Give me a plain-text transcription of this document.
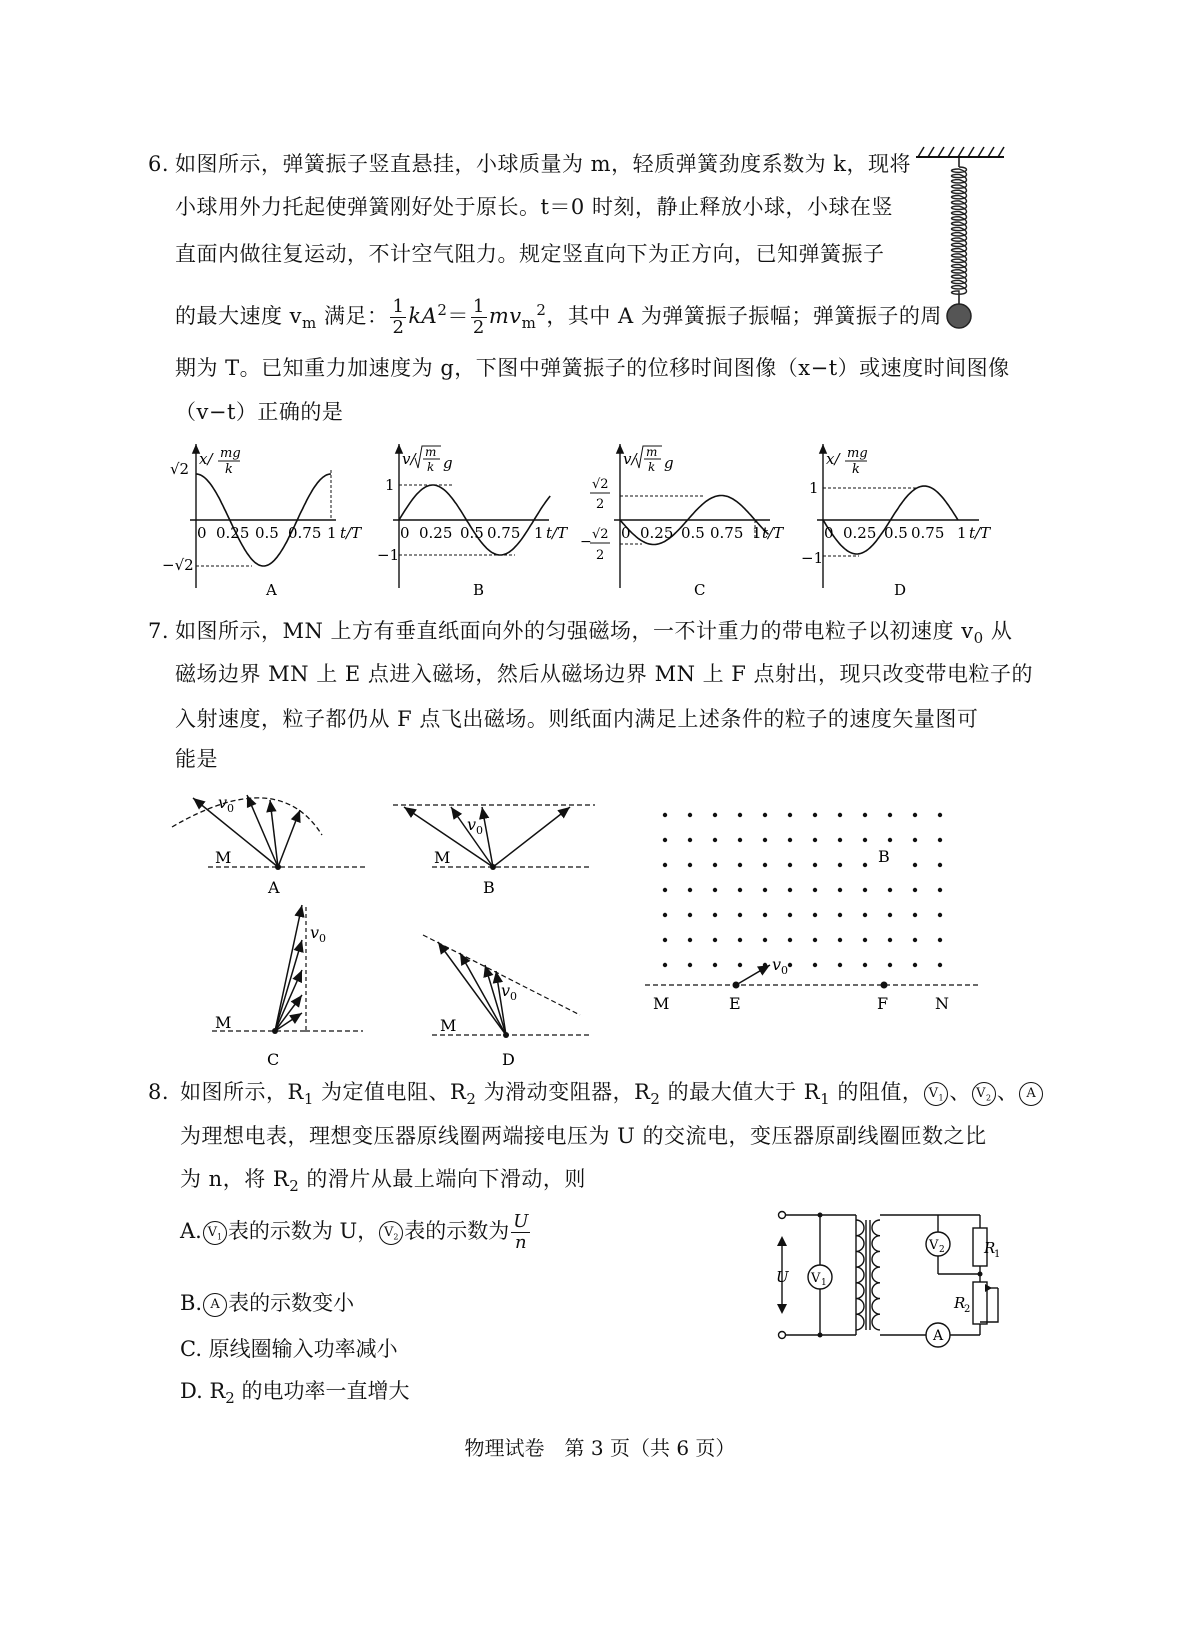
6. 如图所示，弹簧振子竖直悬挂，小球质量为 m，轻质弹簧劲度系数为 k，现将
小球用外力托起使弹簧刚好处于原长。t＝0 时刻，静止释放小球，小球在竖
直面内做往复运动，不计空气阻力。规定竖直向下为正方向，已知弹簧振子
的最大速度 $v_m$ 满足： $\frac{1}{2} kA^2= \frac{1}{2} mv_m^2$，其中 A 为弹簧振子振幅；弹簧振子的周
期为 T。已知重力加速度为 g，下图中弹簧振子的位移时间图像（x−t）或速度时间图像
（v−t）正确的是
x/ mg
k
√2
−√2
0 0.25 0.5 0.75 1 t/T
A
v/ m
k g
1
−1
0 0.25 0.5 0.75 1 t/T
B
v/ m
k g
√2
2
− √2
2
0 0.25 0.5 0.75 1 t/T
C
x/ mg
k
1
−1
0 0.25 0.5 0.75 1 t/T
D
7. 如图所示，MN 上方有垂直纸面向外的匀强磁场，一不计重力的带电粒子以初速度 $v_0$ 从
磁场边界 MN 上 E 点进入磁场，然后从磁场边界 MN 上 F 点射出，现只改变带电粒子的
入射速度，粒子都仍从 F 点飞出磁场。则纸面内满足上述条件的粒子的速度矢量图可
能是
v 0
M
A
v 0
M
B
v 0
M
C
v 0
M
D
v 0
B
M	E	F	N
8. 如图所示，$R_1$ 为定值电阻、$R_2$ 为滑动变阻器，$R_2$ 的最大值大于 $R_1$ 的阻值， $V_1$ 、 $V_2$ 、 A
为理想电表，理想变压器原线圈两端接电压为 U 的交流电，变压器原副线圈匝数之比
为 n，将 $R_2$ 的滑片从最上端向下滑动，则
A. $V_1$ 表的示数为 U， $V_2$ 表的示数为 $\frac{U}{n}$
B. A 表的示数变小
C. 原线圈输入功率减小
D. $R_2$ 的电功率一直增大
U V 1
V 2	R
1
R
2
A
物理试卷　第 3 页（共 6 页）
